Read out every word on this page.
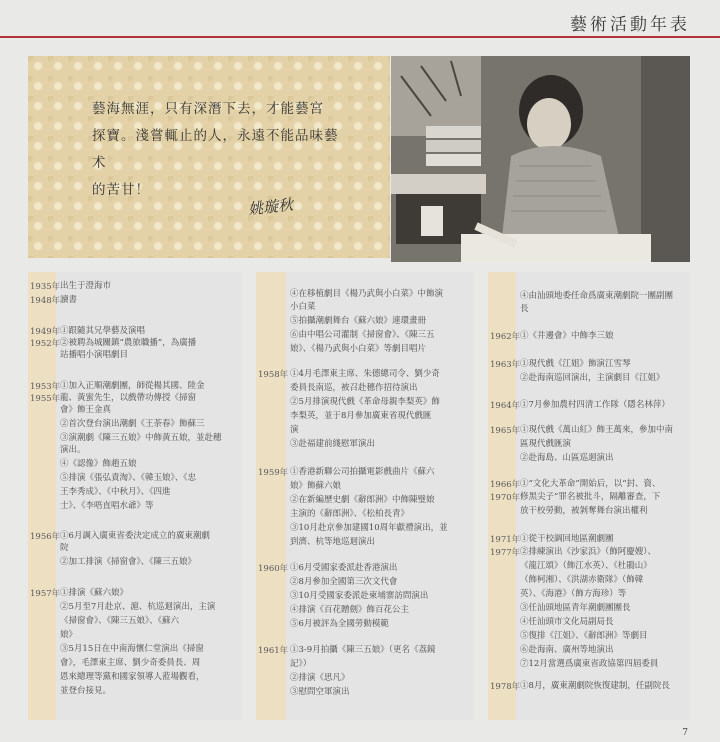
藝術活動年表
藝海無涯，只有深潛下去，才能藝宮
探寶。淺嘗輒止的人，永遠不能品味藝术
的苦甘！
姚璇秋
1935年
1948年
1949年
1952年
1953年
1955年
1956年
1957年
出生于澄海市
讀書
①跟隨其兄學藝及演唱
②被聘為城關鎮“農旅職播”，為廣播
站播唱小演唱劇目
①加入正順潮劇團，師從楊其國、陸金
龍、黃蜜先生，以戲帶功傳授《掃窗
會》飾王金真
②首次登台演出潮劇《王荼春》飾蘇三
③演潮劇《陳三五娘》中飾黃五娘，並赴穗
演出。
④《認像》飾趙五娘
⑤排演《張弘責淘》、《韓玉娘》、《忠
王李秀成》、《中秋月》、《四進
士》、《李唔直唱水爺》等
①6月調入廣東省委決定成立的廣東潮劇
院
②加工排演《掃窗會》、《陳三五娘》
①排演《蘇六娘》
②5月至7月赴京、滬、杭巡迴演出，主演
《掃窗會》、《陳三五娘》、《蘇六
娘》
③5月15日在中南海懷仁堂演出《掃窗
會》，毛澤東主席、劉少奇委員長、周
恩來總理等黨和國家領導人蒞場觀看，
並登台接見。
1958年
1959年
1960年
1961年
④在移植劇目《楊乃武與小白菜》中飾演
小白菜
⑤拍攝潮劇舞台《蘇六娘》連環畫冊
⑥由中唱公司灌制《掃窗會》、《陳三五
娘》、《楊乃武與小白菜》等劇目唱片
①4月毛澤東主席、朱德總司令、劉少奇
委員長南巡，被召赴穗作招待演出
②5月排演現代戲《革命母親李梨英》飾
李梨英，並于8月參加廣東省現代戲匯
演
③赴福建前綫慰軍演出
①香港新聯公司拍攝電影戲曲片《蘇六
娘》飾蘇六娘
②在新編歷史劇《辭郎洲》中飾陳璧娘
主演的《辭郎洲》、《松柏長青》
③10月赴京參加建國10周年獻禮演出，並
到濟、杭等地巡迴演出
①6月受國家委派赴香港演出
②8月參加全國第三次文代會
③10月受國家委派赴柬埔寨訪問演出
④排演《百花贈劍》飾百花公主
⑤6月被評為全國勞動模範
①3-9月拍攝《陳三五娘》（更名《荔鏡
記》）
②排演《思凡》
③慰問空軍演出
1962年
1963年
1964年
1965年
1966年
1970年
1971年
1977年
1978年
④由汕頭地委任命爲廣東潮劇院一團副團
長
①《井邊會》中飾李三娘
①現代戲《江姐》飾演江雪琴
②赴海南巡回演出，主演劇目《江姐》
①7月參加農村四清工作隊（隱名林萍）
①現代戲《萬山紅》飾王萬來，參加中南
區現代戲匯演
②赴海島、山區巡迴演出
①“文化大革命”開始后，以“封、資、
修黑尖子”罪名被批斗，隔離審查，下
放干校勞動，被剝奪舞台演出權利
①從干校調回地區潮劇團
②排練演出《沙家浜》（飾阿慶嫂）、
《龍江頌》（飾江水英）、《杜鵑山》
（飾柯湘）、《洪湖赤衛隊》（飾韓
英）、《海港》（飾方海珍）等
③任汕頭地區青年潮劇團團長
④任汕頭市文化局副局長
⑤復排《江姐》、《辭郎洲》等劇目
⑥赴海南、廣州等地演出
⑦12月當選爲廣東省政協第四屆委員
①8月，廣東潮劇院恢復建制，任副院長
7
